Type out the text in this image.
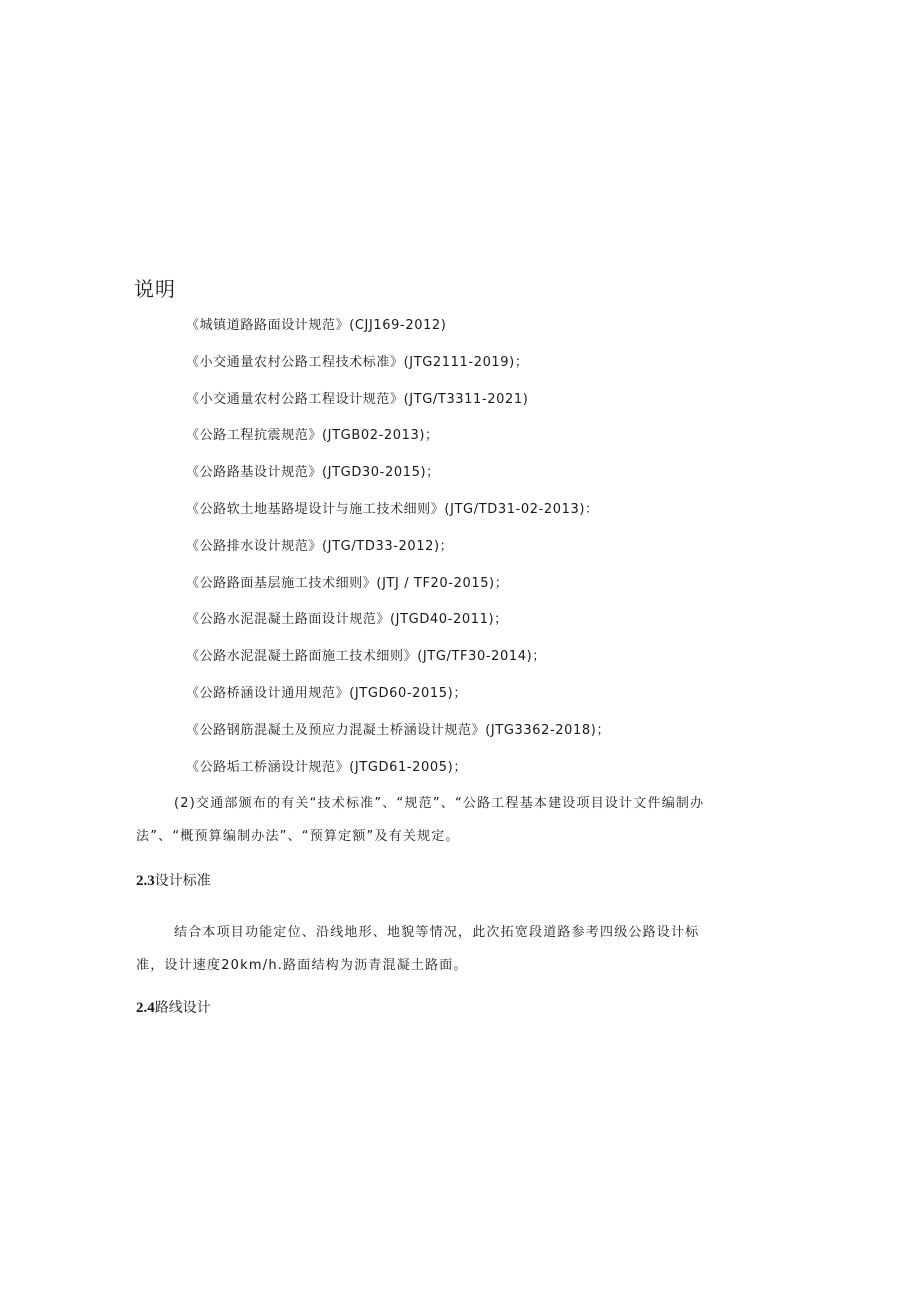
说明
《城镇道路路面设计规范》(CJJ169-2012)
《小交通量农村公路工程技术标准》(JTG2111-2019)；
《小交通量农村公路工程设计规范》(JTG/T3311-2021)
《公路工程抗震规范》(JTGB02-2013)；
《公路路基设计规范》(JTGD30-2015)；
《公路软土地基路堤设计与施工技术细则》(JTG/TD31-02-2013)：
《公路排水设计规范》(JTG/TD33-2012)；
《公路路面基层施工技术细则》(JTJ / TF20-2015)；
《公路水泥混凝土路面设计规范》(JTGD40-2011)；
《公路水泥混凝土路面施工技术细则》(JTG/TF30-2014)；
《公路桥涵设计通用规范》(JTGD60-2015)；
《公路钢筋混凝土及预应力混凝土桥涵设计规范》(JTG3362-2018)；
《公路垢工桥涵设计规范》(JTGD61-2005)；

(2)交通部颁布的有关“技术标准”、“规范”、“公路工程基本建设项目设计文件编制办法”、“概预算编制办法”、“预算定额”及有关规定。

2.3设计标准

结合本项目功能定位、沿线地形、地貌等情况，此次拓宽段道路参考四级公路设计标准，设计速度20km/h.路面结构为沥青混凝土路面。

2.4路线设计
